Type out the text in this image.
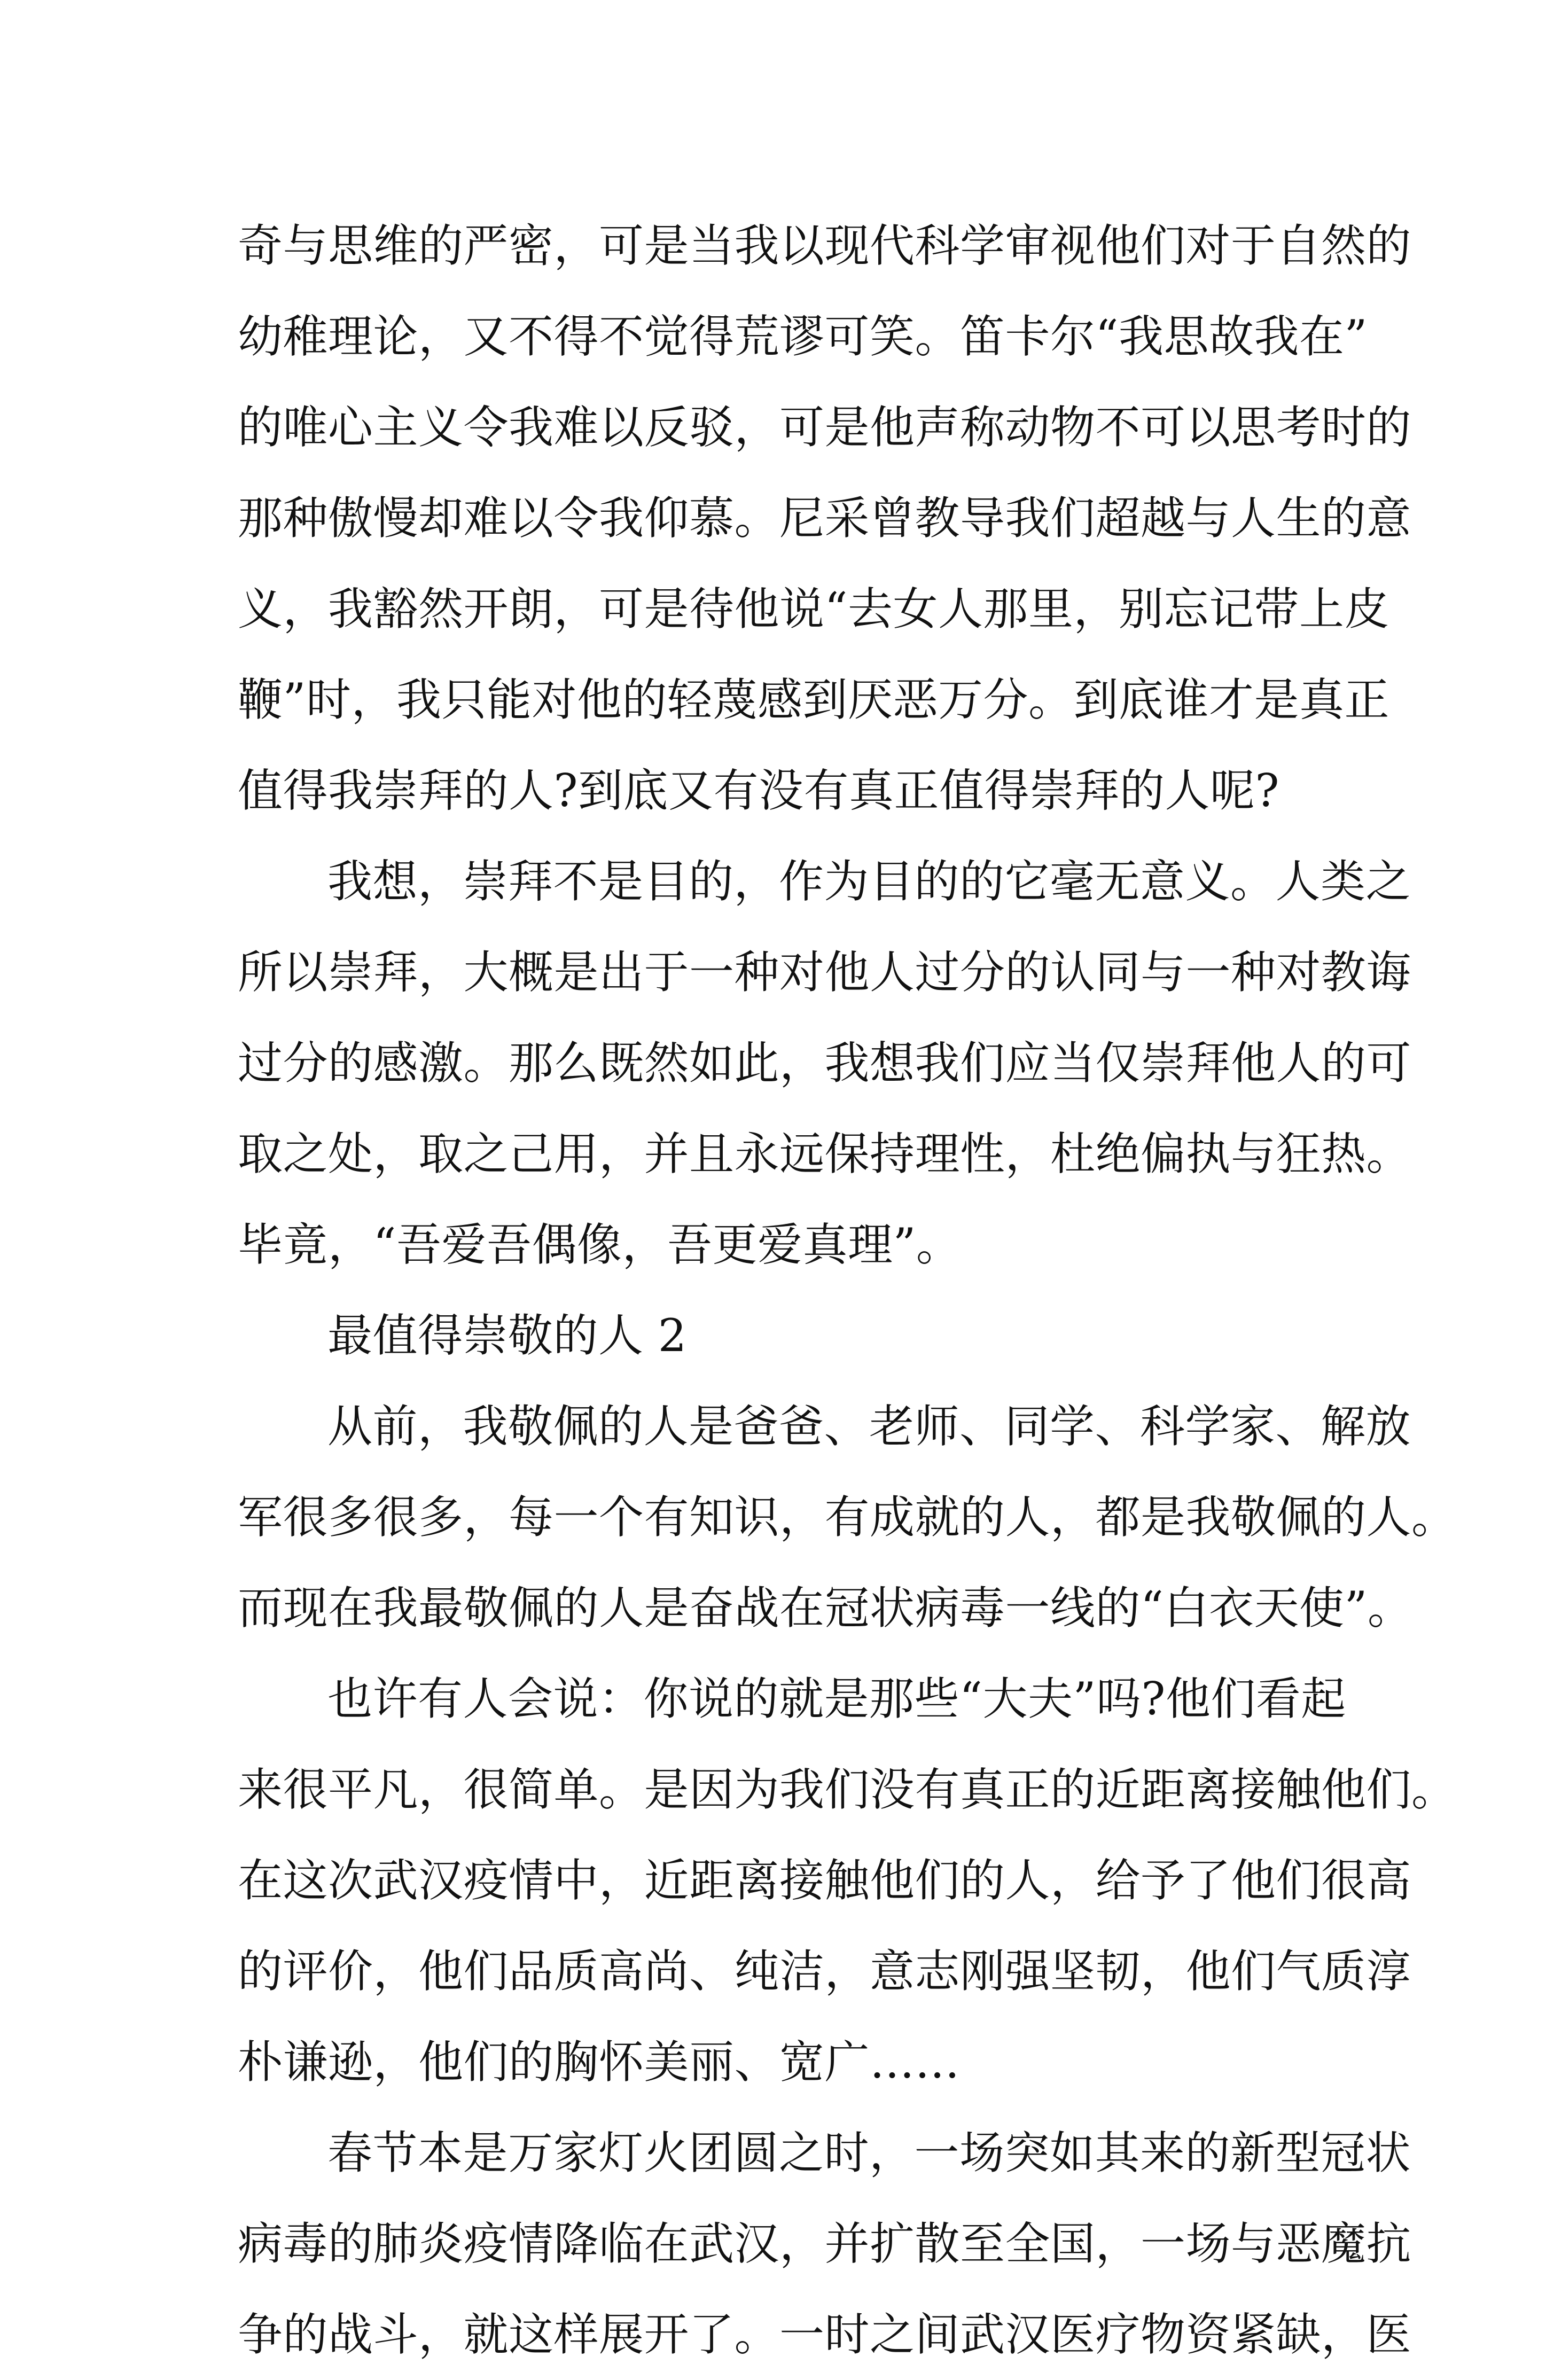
奇与思维的严密，可是当我以现代科学审视他们对于自然的
幼稚理论，又不得不觉得荒谬可笑。笛卡尔“我思故我在”
的唯心主义令我难以反驳，可是他声称动物不可以思考时的
那种傲慢却难以令我仰慕。尼采曾教导我们超越与人生的意
义，我豁然开朗，可是待他说“去女人那里，别忘记带上皮
鞭”时，我只能对他的轻蔑感到厌恶万分。到底谁才是真正
值得我崇拜的人?到底又有没有真正值得崇拜的人呢?
我想，崇拜不是目的，作为目的的它毫无意义。人类之
所以崇拜，大概是出于一种对他人过分的认同与一种对教诲
过分的感激。那么既然如此，我想我们应当仅崇拜他人的可
取之处，取之己用，并且永远保持理性，杜绝偏执与狂热。
毕竟，“吾爱吾偶像，吾更爱真理”。
最值得崇敬的人 2
从前，我敬佩的人是爸爸、老师、同学、科学家、解放
军很多很多，每一个有知识，有成就的人，都是我敬佩的人。
而现在我最敬佩的人是奋战在冠状病毒一线的“白衣天使”。
也许有人会说：你说的就是那些“大夫”吗?他们看起
来很平凡，很简单。是因为我们没有真正的近距离接触他们。
在这次武汉疫情中，近距离接触他们的人，给予了他们很高
的评价，他们品质高尚、纯洁，意志刚强坚韧，他们气质淳
朴谦逊，他们的胸怀美丽、宽广……
春节本是万家灯火团圆之时，一场突如其来的新型冠状
病毒的肺炎疫情降临在武汉，并扩散至全国，一场与恶魔抗
争的战斗，就这样展开了。一时之间武汉医疗物资紧缺，医
